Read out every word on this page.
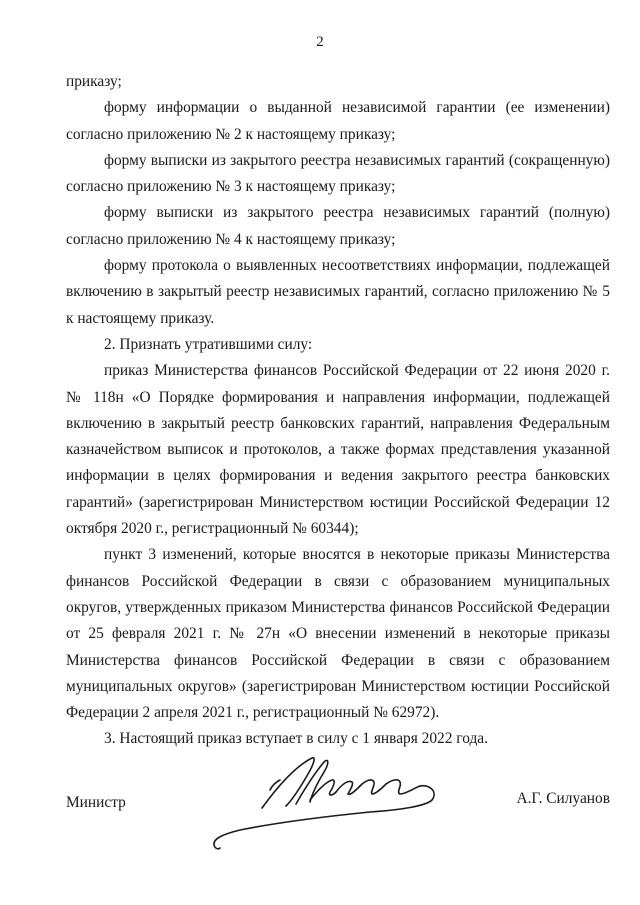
2

приказу;

форму информации о выданной независимой гарантии (ее изменении) согласно приложению № 2 к настоящему приказу;

форму выписки из закрытого реестра независимых гарантий (сокращенную) согласно приложению № 3 к настоящему приказу;

форму выписки из закрытого реестра независимых гарантий (полную) согласно приложению № 4 к настоящему приказу;

форму протокола о выявленных несоответствиях информации, подлежащей включению в закрытый реестр независимых гарантий, согласно приложению № 5 к настоящему приказу.

2. Признать утратившими силу:

приказ Министерства финансов Российской Федерации от 22 июня 2020 г. № 118н «О Порядке формирования и направления информации, подлежащей включению в закрытый реестр банковских гарантий, направления Федеральным казначейством выписок и протоколов, а также формах представления указанной информации в целях формирования и ведения закрытого реестра банковских гарантий» (зарегистрирован Министерством юстиции Российской Федерации 12 октября 2020 г., регистрационный № 60344);

пункт 3 изменений, которые вносятся в некоторые приказы Министерства финансов Российской Федерации в связи с образованием муниципальных округов, утвержденных приказом Министерства финансов Российской Федерации от 25 февраля 2021 г. № 27н «О внесении изменений в некоторые приказы Министерства финансов Российской Федерации в связи с образованием муниципальных округов» (зарегистрирован Министерством юстиции Российской Федерации 2 апреля 2021 г., регистрационный № 62972).

3. Настоящий приказ вступает в силу с 1 января 2022 года.

Министр	А.Г. Силуанов
